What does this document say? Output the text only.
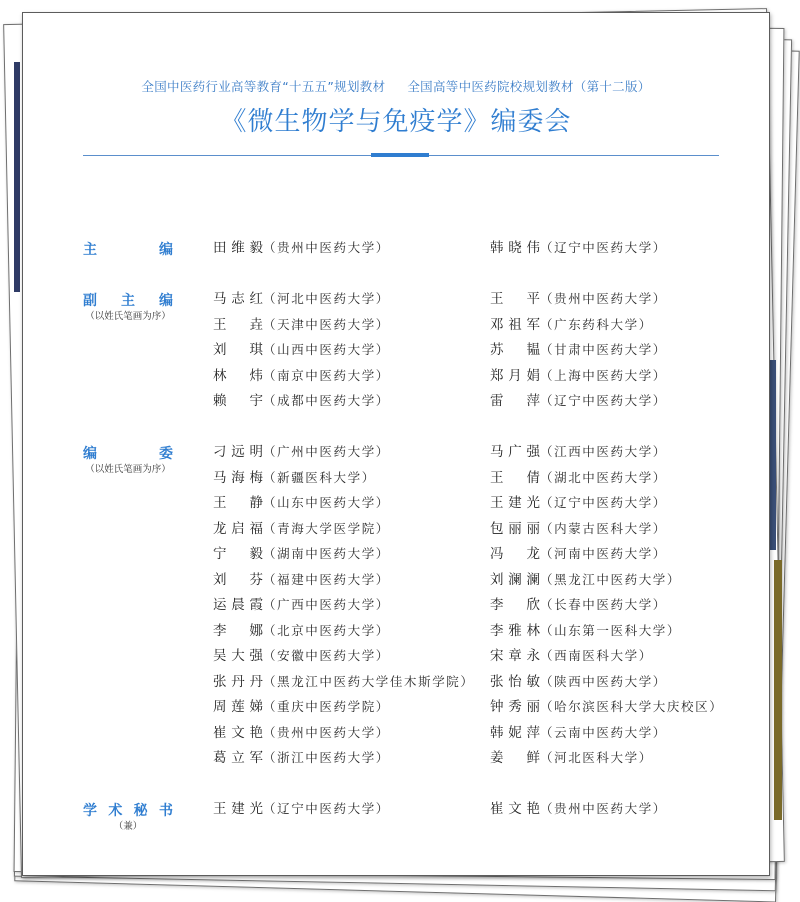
全国中医药行业高等教育“十五五”规划教材 全国高等中医药院校规划教材（第十二版）
《微生物学与免疫学》编委会
主　编	田维毅（贵州中医药大学）	韩晓伟（辽宁中医药大学）
副主编
（以姓氏笔画为序）
马志红（河北中医药大学）	王　平（贵州中医药大学）
王　垚（天津中医药大学）	邓祖军（广东药科大学）
刘　琪（山西中医药大学）	苏　韫（甘肃中医药大学）
林　炜（南京中医药大学）	郑月娟（上海中医药大学）
赖　宇（成都中医药大学）	雷　萍（辽宁中医药大学）
编　委
（以姓氏笔画为序）
刁远明（广州中医药大学）	马广强（江西中医药大学）
马海梅（新疆医科大学）	王　倩（湖北中医药大学）
王　静（山东中医药大学）	王建光（辽宁中医药大学）
龙启福（青海大学医学院）	包丽丽（内蒙古医科大学）
宁　毅（湖南中医药大学）	冯　龙（河南中医药大学）
刘　芬（福建中医药大学）	刘澜澜（黑龙江中医药大学）
运晨霞（广西中医药大学）	李　欣（长春中医药大学）
李　娜（北京中医药大学）	李雅林（山东第一医科大学）
吴大强（安徽中医药大学）	宋章永（西南医科大学）
张丹丹（黑龙江中医药大学佳木斯学院） 张怡敏（陕西中医药大学）
周莲娣（重庆中医药学院）	钟秀丽（哈尔滨医科大学大庆校区）
崔文艳（贵州中医药大学）	韩妮萍（云南中医药大学）
葛立军（浙江中医药大学）	姜　鲜（河北医科大学）
学术秘书
（兼）
王建光（辽宁中医药大学）	崔文艳（贵州中医药大学）
